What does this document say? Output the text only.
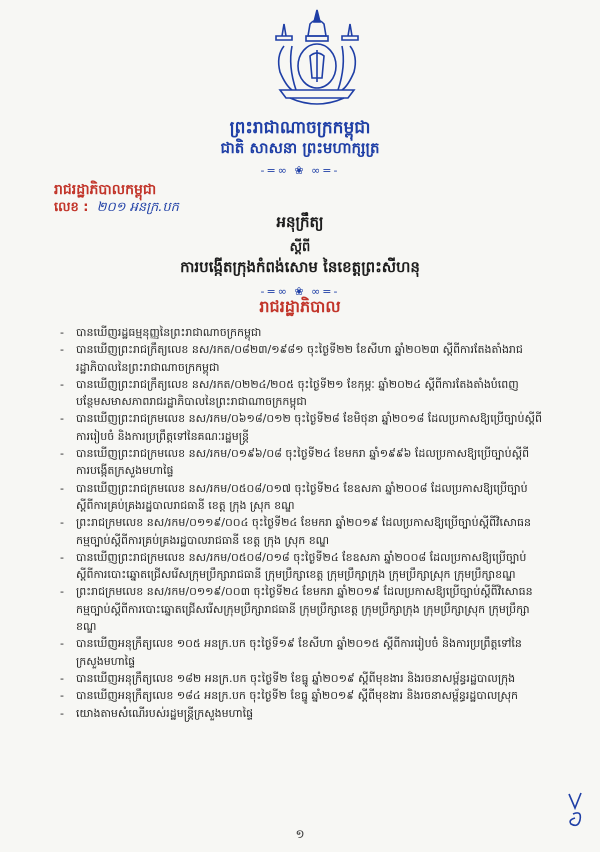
ព្រះរាជាណាចក្រកម្ពុជា
ជាតិ សាសនា ព្រះមហាក្សត្រ
-=∞ ❀ ∞=-
រាជរដ្ឋាភិបាលកម្ពុជា
លេខ : ២០១ អនក្រ.បក
អនុក្រឹត្យ
ស្តីពី
ការបង្កើតក្រុងកំពង់សោម នៃខេត្តព្រះសីហនុ
-=∞ ❀ ∞=-
រាជរដ្ឋាភិបាល
- បានឃើញរដ្ឋធម្មនុញ្ញនៃព្រះរាជាណាចក្រកម្ពុជា
- បានឃើញព្រះរាជក្រឹត្យលេខ នស/រកត/០៨២៣/១៩៨១ ចុះថ្ងៃទី២២ ខែសីហា ឆ្នាំ២០២៣ ស្តីពីការតែងតាំងរាជរដ្ឋាភិបាលនៃព្រះរាជាណាចក្រកម្ពុជា
- បានឃើញព្រះរាជក្រឹត្យលេខ នស/រកត/០២២៤/២០៥ ចុះថ្ងៃទី២១ ខែកុម្ភៈ ឆ្នាំ២០២៤ ស្តីពីការតែងតាំងបំពេញបន្ថែមសមាសភាពរាជរដ្ឋាភិបាលនៃព្រះរាជាណាចក្រកម្ពុជា
- បានឃើញព្រះរាជក្រមលេខ នស/រកម/០៦១៨/០១២ ចុះថ្ងៃទី២៨ ខែមិថុនា ឆ្នាំ២០១៨ ដែលប្រកាសឱ្យប្រើច្បាប់ស្តីពីការរៀបចំ និងការប្រព្រឹត្តទៅនៃគណៈរដ្ឋមន្ត្រី
- បានឃើញព្រះរាជក្រមលេខ នស/រកម/០១៩៦/០៨ ចុះថ្ងៃទី២៤ ខែមករា ឆ្នាំ១៩៩៦ ដែលប្រកាសឱ្យប្រើច្បាប់ស្តីពីការបង្កើតក្រសួងមហាផ្ទៃ
- បានឃើញព្រះរាជក្រមលេខ នស/រកម/០៥០៨/០១៧ ចុះថ្ងៃទី២៤ ខែឧសភា ឆ្នាំ២០០៨ ដែលប្រកាសឱ្យប្រើច្បាប់ស្តីពីការគ្រប់គ្រងរដ្ឋបាលរាជធានី ខេត្ត ក្រុង ស្រុក ខណ្ឌ
- ព្រះរាជក្រមលេខ នស/រកម/០១១៩/០០៤ ចុះថ្ងៃទី២៤ ខែមករា ឆ្នាំ២០១៩ ដែលប្រកាសឱ្យប្រើច្បាប់ស្តីពីវិសោធនកម្មច្បាប់ស្តីពីការគ្រប់គ្រងរដ្ឋបាលរាជធានី ខេត្ត ក្រុង ស្រុក ខណ្ឌ
- បានឃើញព្រះរាជក្រមលេខ នស/រកម/០៥០៨/០១៨ ចុះថ្ងៃទី២៤ ខែឧសភា ឆ្នាំ២០០៨ ដែលប្រកាសឱ្យប្រើច្បាប់ស្តីពីការបោះឆ្នោតជ្រើសរើសក្រុមប្រឹក្សារាជធានី ក្រុមប្រឹក្សាខេត្ត ក្រុមប្រឹក្សាក្រុង ក្រុមប្រឹក្សាស្រុក ក្រុមប្រឹក្សាខណ្ឌ
- ព្រះរាជក្រមលេខ នស/រកម/០១១៩/០០៣ ចុះថ្ងៃទី២៤ ខែមករា ឆ្នាំ២០១៩ ដែលប្រកាសឱ្យប្រើច្បាប់ស្តីពីវិសោធនកម្មច្បាប់ស្តីពីការបោះឆ្នោតជ្រើសរើសក្រុមប្រឹក្សារាជធានី ក្រុមប្រឹក្សាខេត្ត ក្រុមប្រឹក្សាក្រុង ក្រុមប្រឹក្សាស្រុក ក្រុមប្រឹក្សាខណ្ឌ
- បានឃើញអនុក្រឹត្យលេខ ១០៥ អនក្រ.បក ចុះថ្ងៃទី១៩ ខែសីហា ឆ្នាំ២០១៥ ស្តីពីការរៀបចំ និងការប្រព្រឹត្តទៅនៃក្រសួងមហាផ្ទៃ
- បានឃើញអនុក្រឹត្យលេខ ១៨២ អនក្រ.បក ចុះថ្ងៃទី២ ខែធ្នូ ឆ្នាំ២០១៩ ស្តីពីមុខងារ និងរចនាសម្ព័ន្ធរដ្ឋបាលក្រុង
- បានឃើញអនុក្រឹត្យលេខ ១៨៤ អនក្រ.បក ចុះថ្ងៃទី២ ខែធ្នូ ឆ្នាំ២០១៩ ស្តីពីមុខងារ និងរចនាសម្ព័ន្ធរដ្ឋបាលស្រុក
- យោងតាមសំណើរបស់រដ្ឋមន្ត្រីក្រសួងមហាផ្ទៃ
១
